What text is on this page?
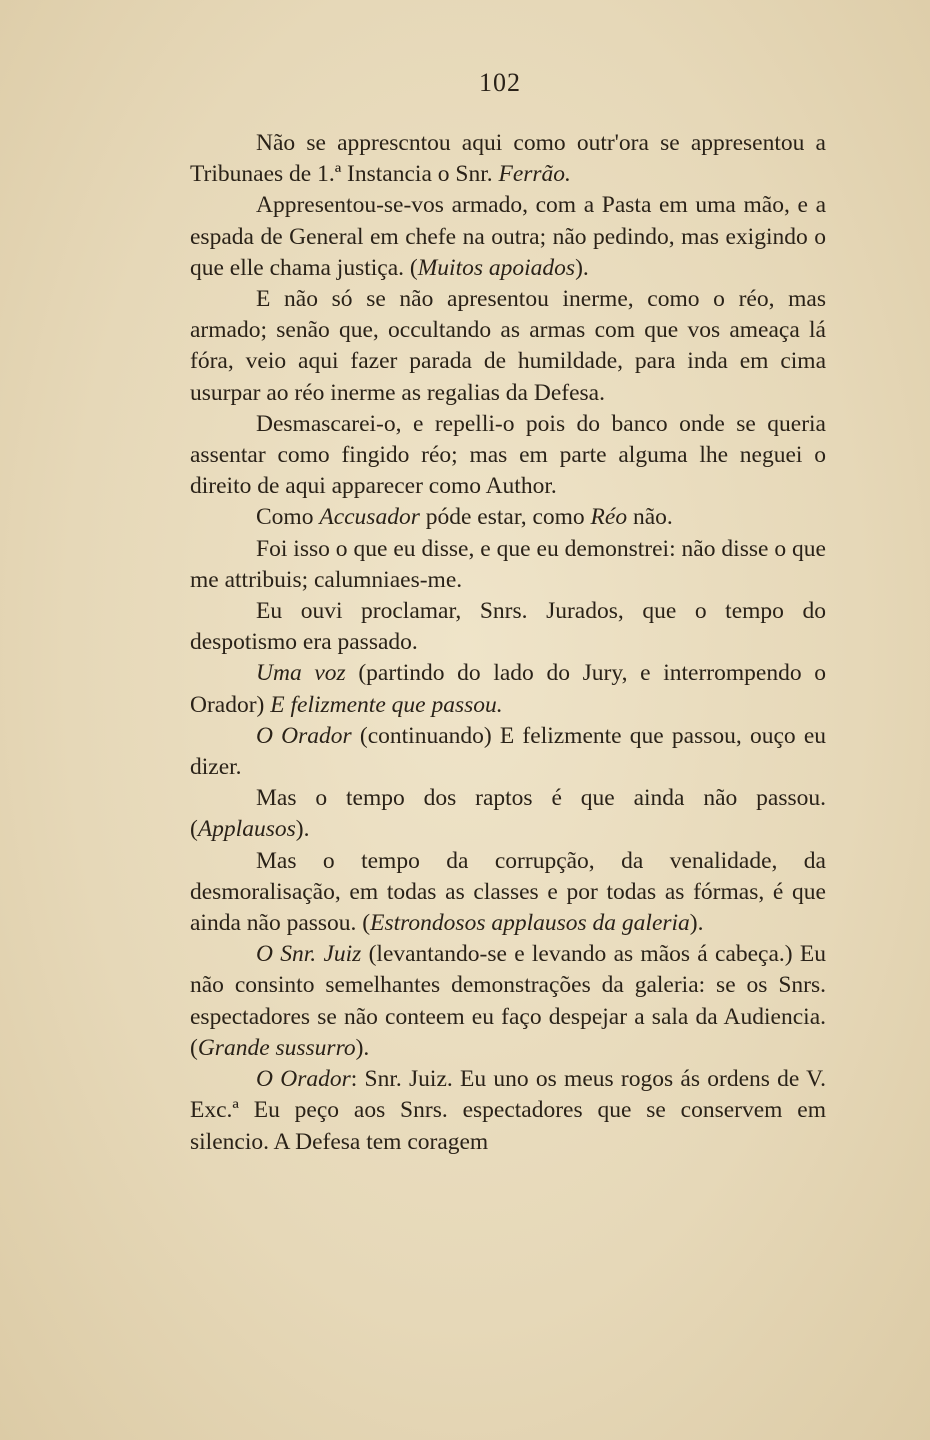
102

Não se apprescntou aqui como outr'ora se appresentou a Tribunaes de 1.ª Instancia o Snr. Ferrão.

Appresentou-se-vos armado, com a Pasta em uma mão, e a espada de General em chefe na outra; não pedindo, mas exigindo o que elle chama justiça. (Muitos apoiados).

E não só se não apresentou inerme, como o réo, mas armado; senão que, occultando as armas com que vos ameaça lá fóra, veio aqui fazer parada de humildade, para inda em cima usurpar ao réo inerme as regalias da Defesa.

Desmascarei-o, e repelli-o pois do banco onde se queria assentar como fingido réo; mas em parte alguma lhe neguei o direito de aqui apparecer como Author.

Como Accusador póde estar, como Réo não.

Foi isso o que eu disse, e que eu demonstrei: não disse o que me attribuis; calumniaes-me.

Eu ouvi proclamar, Snrs. Jurados, que o tempo do despotismo era passado.

Uma voz (partindo do lado do Jury, e interrompendo o Orador) E felizmente que passou.

O Orador (continuando) E felizmente que passou, ouço eu dizer.

Mas o tempo dos raptos é que ainda não passou. (Applausos).

Mas o tempo da corrupção, da venalidade, da desmoralisação, em todas as classes e por todas as fórmas, é que ainda não passou. (Estrondosos applausos da galeria).

O Snr. Juiz (levantando-se e levando as mãos á cabeça.) Eu não consinto semelhantes demonstrações da galeria: se os Snrs. espectadores se não conteem eu faço despejar a sala da Audiencia. (Grande sussurro).

O Orador: Snr. Juiz. Eu uno os meus rogos ás ordens de V. Exc.ª Eu peço aos Snrs. espectadores que se conservem em silencio. A Defesa tem coragem
